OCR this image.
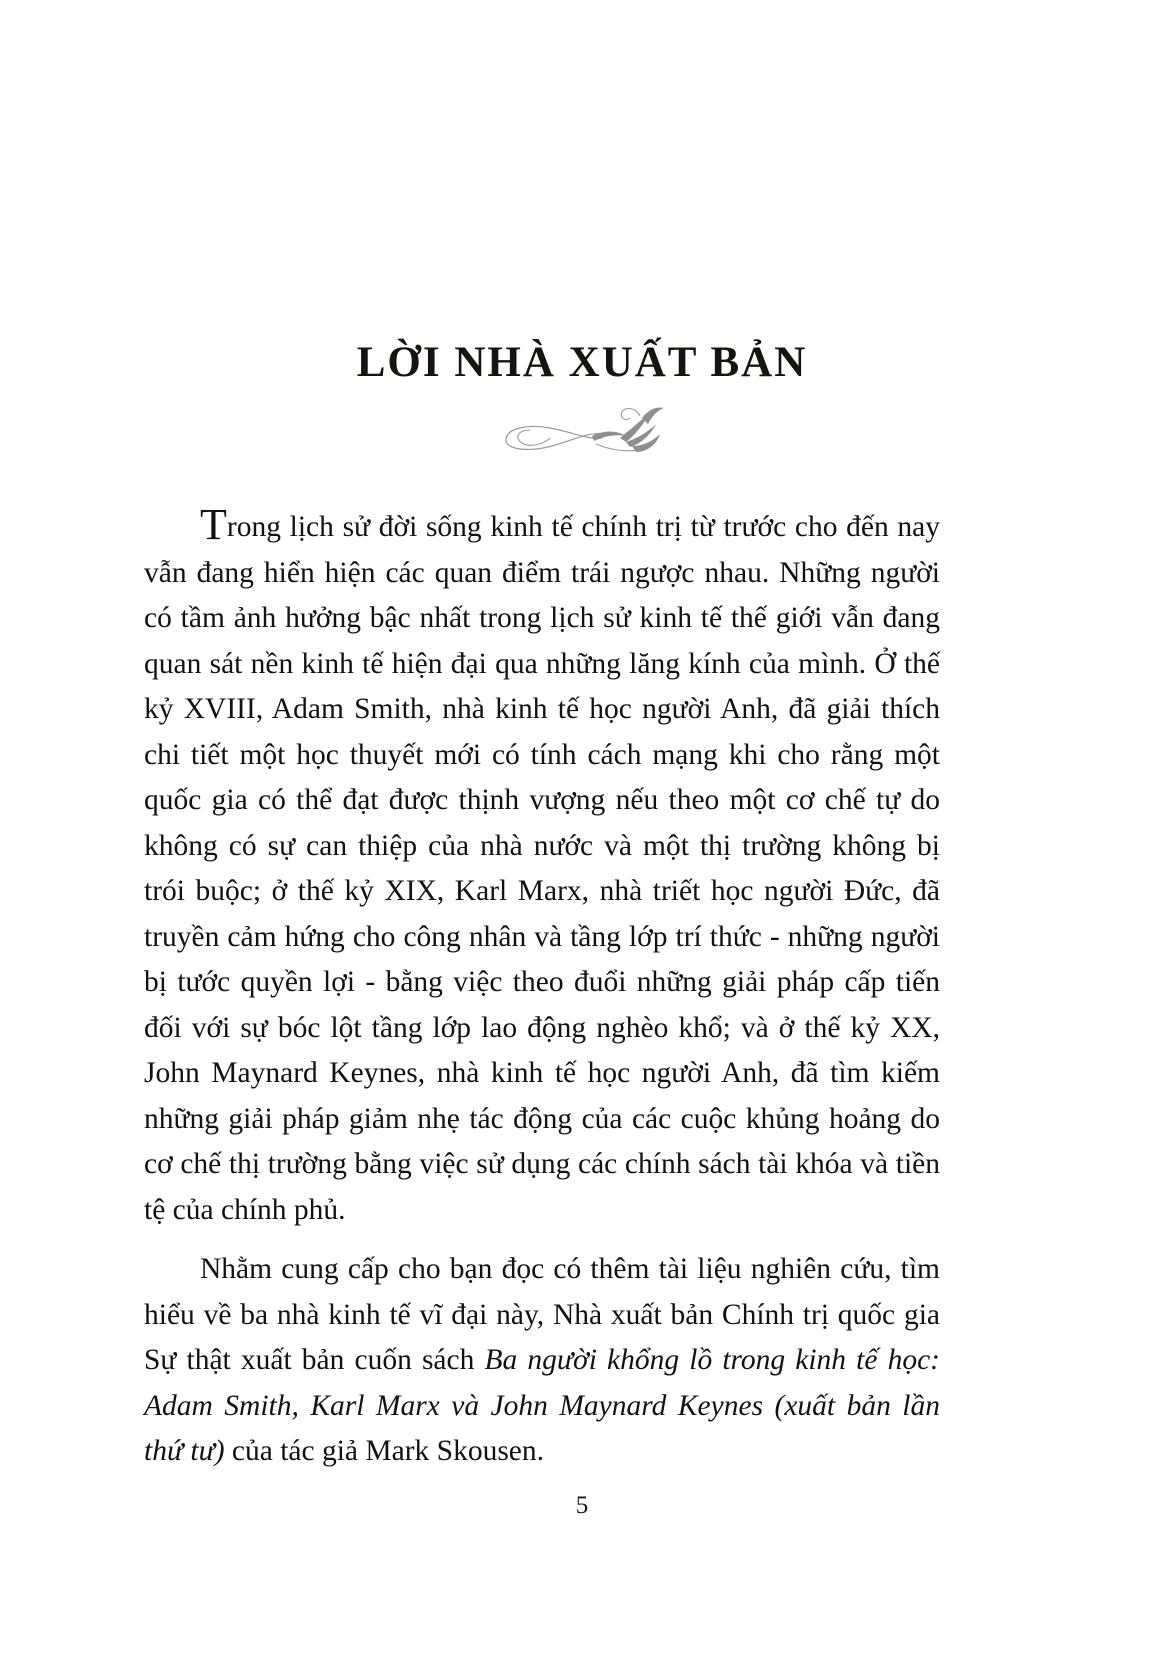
LỜI NHÀ XUẤT BẢN

Trong lịch sử đời sống kinh tế chính trị từ trước cho đến nay vẫn đang hiển hiện các quan điểm trái ngược nhau. Những người có tầm ảnh hưởng bậc nhất trong lịch sử kinh tế thế giới vẫn đang quan sát nền kinh tế hiện đại qua những lăng kính của mình. Ở thế kỷ XVIII, Adam Smith, nhà kinh tế học người Anh, đã giải thích chi tiết một học thuyết mới có tính cách mạng khi cho rằng một quốc gia có thể đạt được thịnh vượng nếu theo một cơ chế tự do không có sự can thiệp của nhà nước và một thị trường không bị trói buộc; ở thế kỷ XIX, Karl Marx, nhà triết học người Đức, đã truyền cảm hứng cho công nhân và tầng lớp trí thức - những người bị tước quyền lợi - bằng việc theo đuổi những giải pháp cấp tiến đối với sự bóc lột tầng lớp lao động nghèo khổ; và ở thế kỷ XX, John Maynard Keynes, nhà kinh tế học người Anh, đã tìm kiếm những giải pháp giảm nhẹ tác động của các cuộc khủng hoảng do cơ chế thị trường bằng việc sử dụng các chính sách tài khóa và tiền tệ của chính phủ.

Nhằm cung cấp cho bạn đọc có thêm tài liệu nghiên cứu, tìm hiểu về ba nhà kinh tế vĩ đại này, Nhà xuất bản Chính trị quốc gia Sự thật xuất bản cuốn sách Ba người khổng lồ trong kinh tế học: Adam Smith, Karl Marx và John Maynard Keynes (xuất bản lần thứ tư) của tác giả Mark Skousen.

5
